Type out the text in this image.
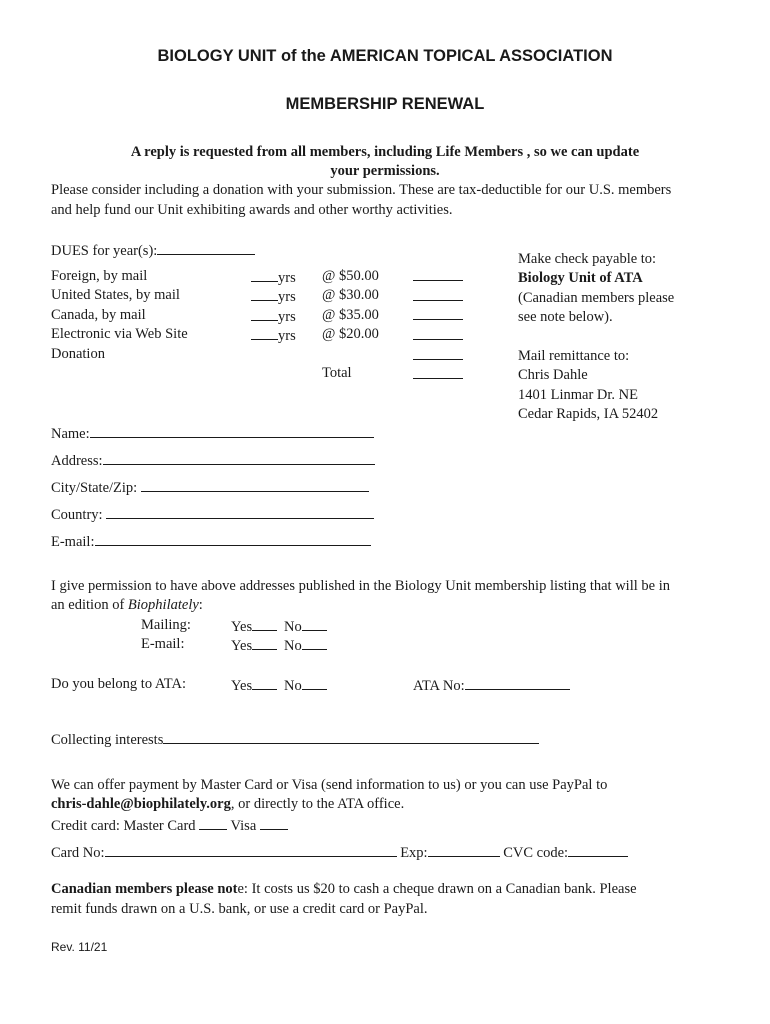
BIOLOGY UNIT of the AMERICAN TOPICAL ASSOCIATION
MEMBERSHIP RENEWAL
A reply is requested from all members, including Life Members , so we can update
your permissions.
Please consider including a donation with your submission. These are tax-deductible for our U.S. members
and help fund our Unit exhibiting awards and other worthy activities.
DUES for year(s):
Foreign, by mail	yrs @ $50.00
United States, by mail	yrs @ $30.00
Canada, by mail	yrs @ $35.00
Electronic via Web Site	yrs @ $20.00
Donation
Total
Make check payable to:
Biology Unit of ATA
(Canadian members please
see note below).
Mail remittance to:
Chris Dahle
1401 Linmar Dr. NE
Cedar Rapids, IA 52402
Name:
Address:
City/State/Zip:
Country:
E-mail:
I give permission to have above addresses published in the Biology Unit membership listing that will be in
an edition of Biophilately:
Mailing:	Yes	No
E-mail:	Yes	No
Do you belong to ATA:	Yes	No	ATA No:
Collecting interests
We can offer payment by Master Card or Visa (send information to us) or you can use PayPal to
chris-dahle@biophilately.org, or directly to the ATA office.
Credit card: Master Card  Visa
Card No:	Exp:	CVC code:
Canadian members please note: It costs us $20 to cash a cheque drawn on a Canadian bank. Please
remit funds drawn on a U.S. bank, or use a credit card or PayPal.
Rev. 11/21
